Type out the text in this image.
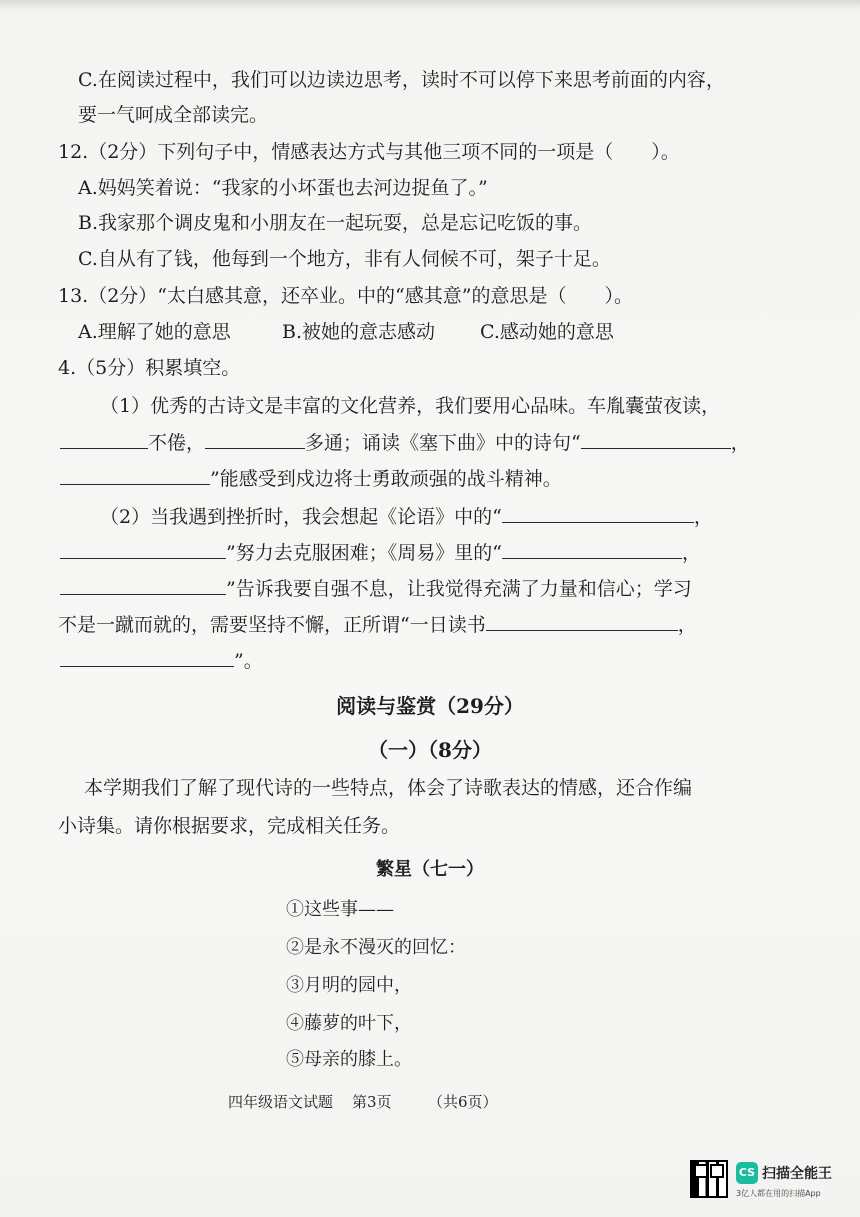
C.在阅读过程中，我们可以边读边思考，读时不可以停下来思考前面的内容，
要一气呵成全部读完。
12.（2分）下列句子中，情感表达方式与其他三项不同的一项是（　　）。
A.妈妈笑着说：“我家的小坏蛋也去河边捉鱼了。”
B.我家那个调皮鬼和小朋友在一起玩耍，总是忘记吃饭的事。
C.自从有了钱，他每到一个地方，非有人伺候不可，架子十足。
13.（2分）“太白感其意，还卒业。中的“感其意”的意思是（　　）。
A.理解了她的意思	B.被她的意志感动 C.感动她的意思
4.（5分）积累填空。
（1）优秀的古诗文是丰富的文化营养，我们要用心品味。车胤囊萤夜读，
不倦，	多通；诵读《塞下曲》中的诗句“	，
”能感受到戍边将士勇敢顽强的战斗精神。
（2）当我遇到挫折时，我会想起《论语》中的“	，
”努力去克服困难；《周易》里的“	，
”告诉我要自强不息，让我觉得充满了力量和信心；学习
不是一蹴而就的，需要坚持不懈，正所谓“一日读书	，
”。
阅读与鉴赏（29分）
（一）（8分）
本学期我们了解了现代诗的一些特点，体会了诗歌表达的情感，还合作编
小诗集。请你根据要求，完成相关任务。
繁星（七一）
①这些事——
②是永不漫灭的回忆：
③月明的园中，
④藤萝的叶下，
⑤母亲的膝上。
四年级语文试题 第3页 （共6页）
CS 扫描全能王
3亿人都在用的扫描App
